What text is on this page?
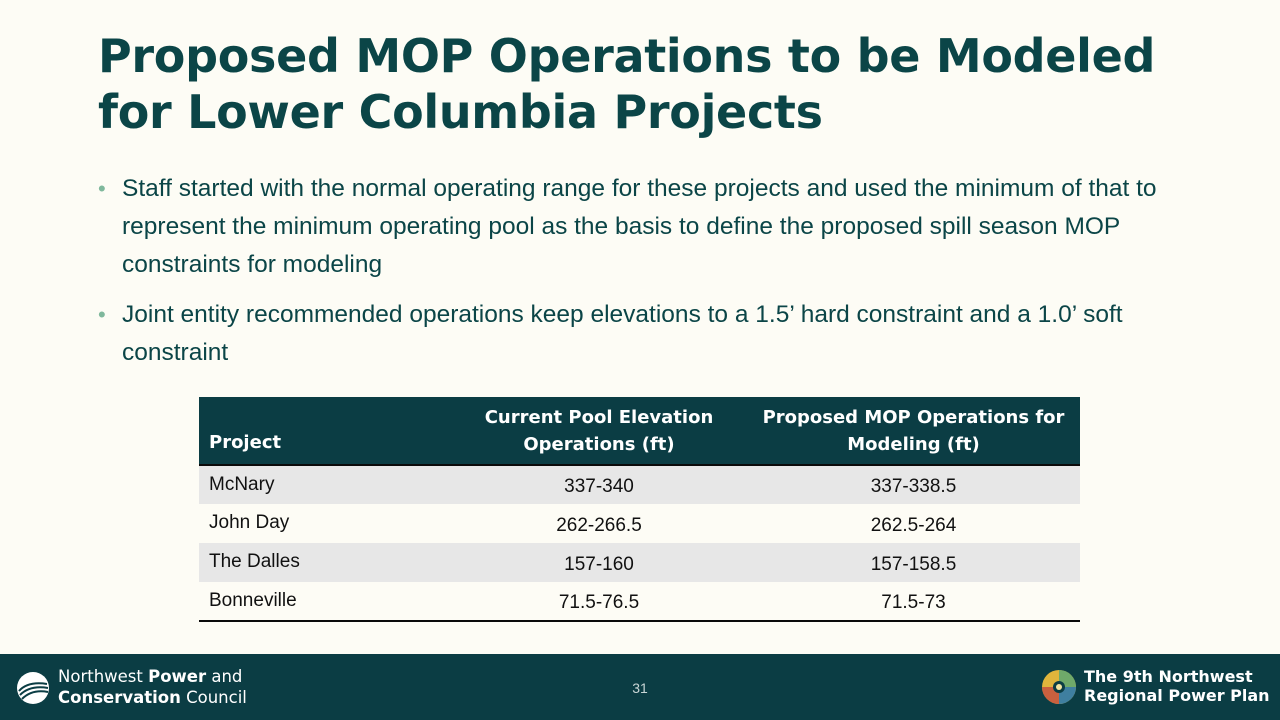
Proposed MOP Operations to be Modeled for Lower Columbia Projects
• Staff started with the normal operating range for these projects and used the minimum of that to represent the minimum operating pool as the basis to define the proposed spill season MOP constraints for modeling
• Joint entity recommended operations keep elevations to a 1.5’ hard constraint and a 1.0’ soft constraint
Project	Current Pool Elevation Operations (ft)	Proposed MOP Operations for Modeling (ft)
McNary	337-340	337-338.5
John Day	262-266.5	262.5-264
The Dalles	157-160	157-158.5
Bonneville	71.5-76.5	71.5-73
Northwest Power and
Conservation Council	31
The 9th Northwest
Regional Power Plan
